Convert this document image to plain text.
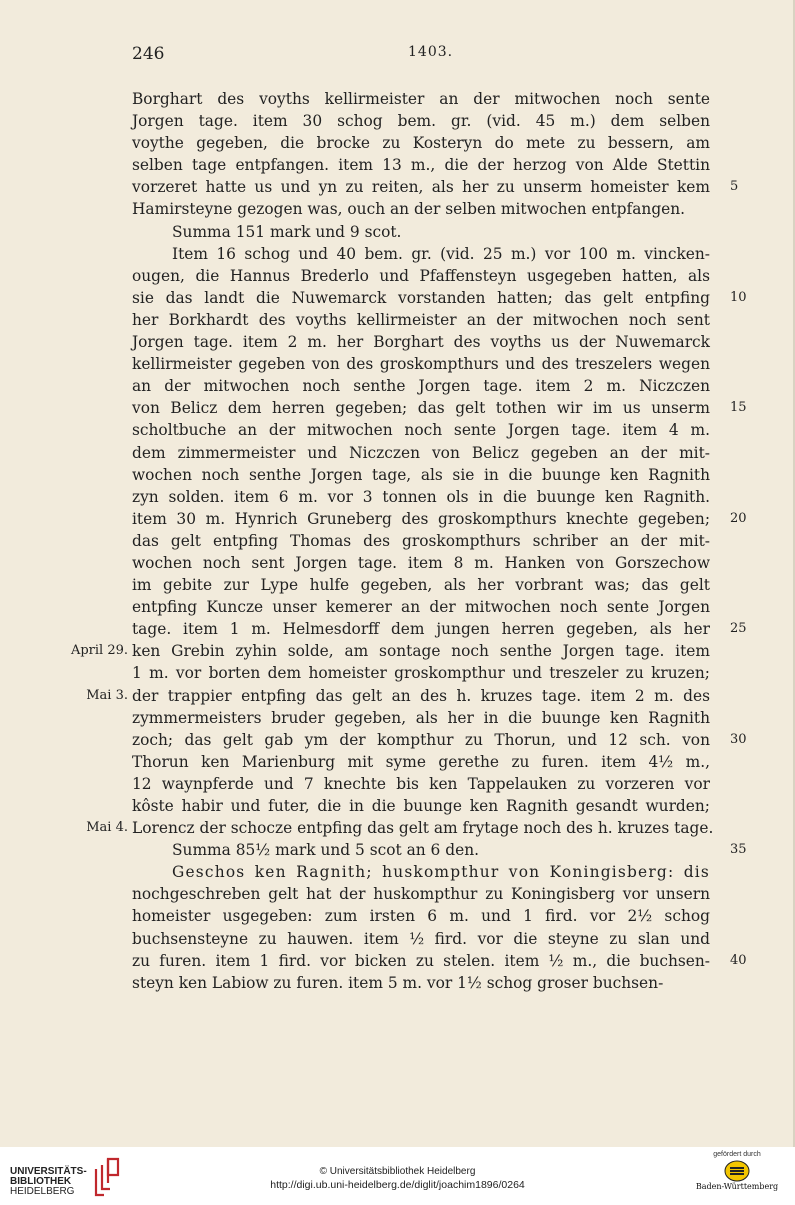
246	1403.
Borghart des voyths kellirmeister an der mitwochen noch sente
Jorgen tage. item 30 schog bem. gr. (vid. 45 m.) dem selben
voythe gegeben, die brocke zu Kosteryn do mete zu bessern, am
selben tage entpfangen. item 13 m., die der herzog von Alde Stettin
vorzeret hatte us und yn zu reiten, als her zu unserm homeister kem 5
Hamirsteyne gezogen was, ouch an der selben mitwochen entpfangen.
Summa 151 mark und 9 scot.
Item 16 schog und 40 bem. gr. (vid. 25 m.) vor 100 m. vincken-
ougen, die Hannus Brederlo und Pfaffensteyn usgegeben hatten, als
sie das landt die Nuwemarck vorstanden hatten; das gelt entpfing 10
her Borkhardt des voyths kellirmeister an der mitwochen noch sent
Jorgen tage. item 2 m. her Borghart des voyths us der Nuwemarck
kellirmeister gegeben von des groskompthurs und des treszelers wegen
an der mitwochen noch senthe Jorgen tage. item 2 m. Niczczen
von Belicz dem herren gegeben; das gelt tothen wir im us unserm 15
scholtbuche an der mitwochen noch sente Jorgen tage. item 4 m.
dem zimmermeister und Niczczen von Belicz gegeben an der mit-
wochen noch senthe Jorgen tage, als sie in die buunge ken Ragnith
zyn solden. item 6 m. vor 3 tonnen ols in die buunge ken Ragnith.
item 30 m. Hynrich Gruneberg des groskompthurs knechte gegeben; 20
das gelt entpfing Thomas des groskompthurs schriber an der mit-
wochen noch sent Jorgen tage. item 8 m. Hanken von Gorszechow
im gebite zur Lype hulfe gegeben, als her vorbrant was; das gelt
entpfing Kuncze unser kemerer an der mitwochen noch sente Jorgen
tage. item 1 m. Helmesdorff dem jungen herren gegeben, als her 25
ken Grebin zyhin solde, am sontage noch senthe Jorgen tage. item
April 29.
1 m. vor borten dem homeister groskompthur und treszeler zu kruzen;
der trappier entpfing das gelt an des h. kruzes tage. item 2 m. des
Mai 3.
zymmermeisters bruder gegeben, als her in die buunge ken Ragnith
zoch; das gelt gab ym der kompthur zu Thorun, und 12 sch. von 30
Thorun ken Marienburg mit syme gerethe zu furen. item 4½ m.,
12 waynpferde und 7 knechte bis ken Tappelauken zu vorzeren vor
kôste habir und futer, die in die buunge ken Ragnith gesandt wurden;
Lorencz der schocze entpfing das gelt am frytage noch des h. kruzes tage.
Mai 4.
Summa 85½ mark und 5 scot an 6 den.	35
Geschos ken Ragnith; huskompthur von Koningisberg: dis
nochgeschreben gelt hat der huskompthur zu Koningisberg vor unsern
homeister usgegeben: zum irsten 6 m. und 1 fird. vor 2½ schog
buchsensteyne zu hauwen. item ½ fird. vor die steyne zu slan und
zu furen. item 1 fird. vor bicken zu stelen. item ½ m., die buchsen- 40
steyn ken Labiow zu furen. item 5 m. vor 1½ schog groser buchsen-
UNIVERSITÄTS-
BIBLIOTHEK
HEIDELBERG
© Universitätsbibliothek Heidelberg
http://digi.ub.uni-heidelberg.de/diglit/joachim1896/0264
gefördert durch
Baden-Württemberg
